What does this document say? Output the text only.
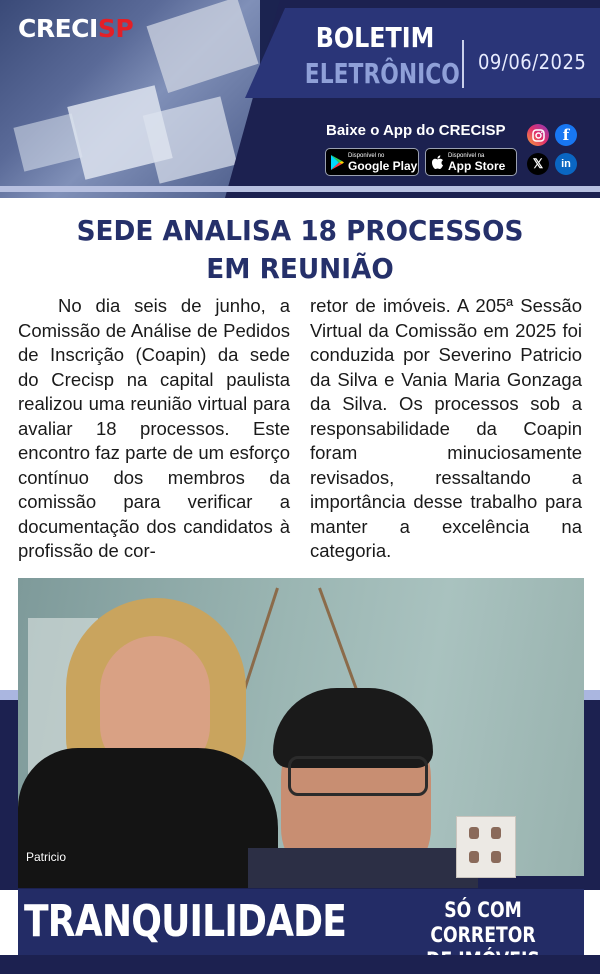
CRECISP	BOLETIM
ELETRÔNICO 09/06/2025
Baixe o App do CRECISP
Disponível no
Google Play
Disponível na
App Store
f
𝕏	in
SEDE ANALISA 18 PROCESSOS
EM REUNIÃO

No dia seis de junho, a Comissão de Análise de Pedidos de Inscrição (Coapin) da sede do Crecisp na capital paulista realizou uma reunião virtual para avaliar 18 processos. Este encontro faz parte de um esforço contínuo dos membros da comissão para verificar a documentação dos candidatos à profissão de cor-

retor de imóveis. A 205ª Sessão Virtual da Comissão em 2025 foi conduzida por Severino Patricio da Silva e Vania Maria Gonzaga da Silva. Os processos sob a responsabilidade da Coapin foram minuciosamente revisados, ressaltando a importância desse trabalho para manter a excelência na categoria.

Patricio
TRANQUILIDADE	SÓ COM CORRETOR
